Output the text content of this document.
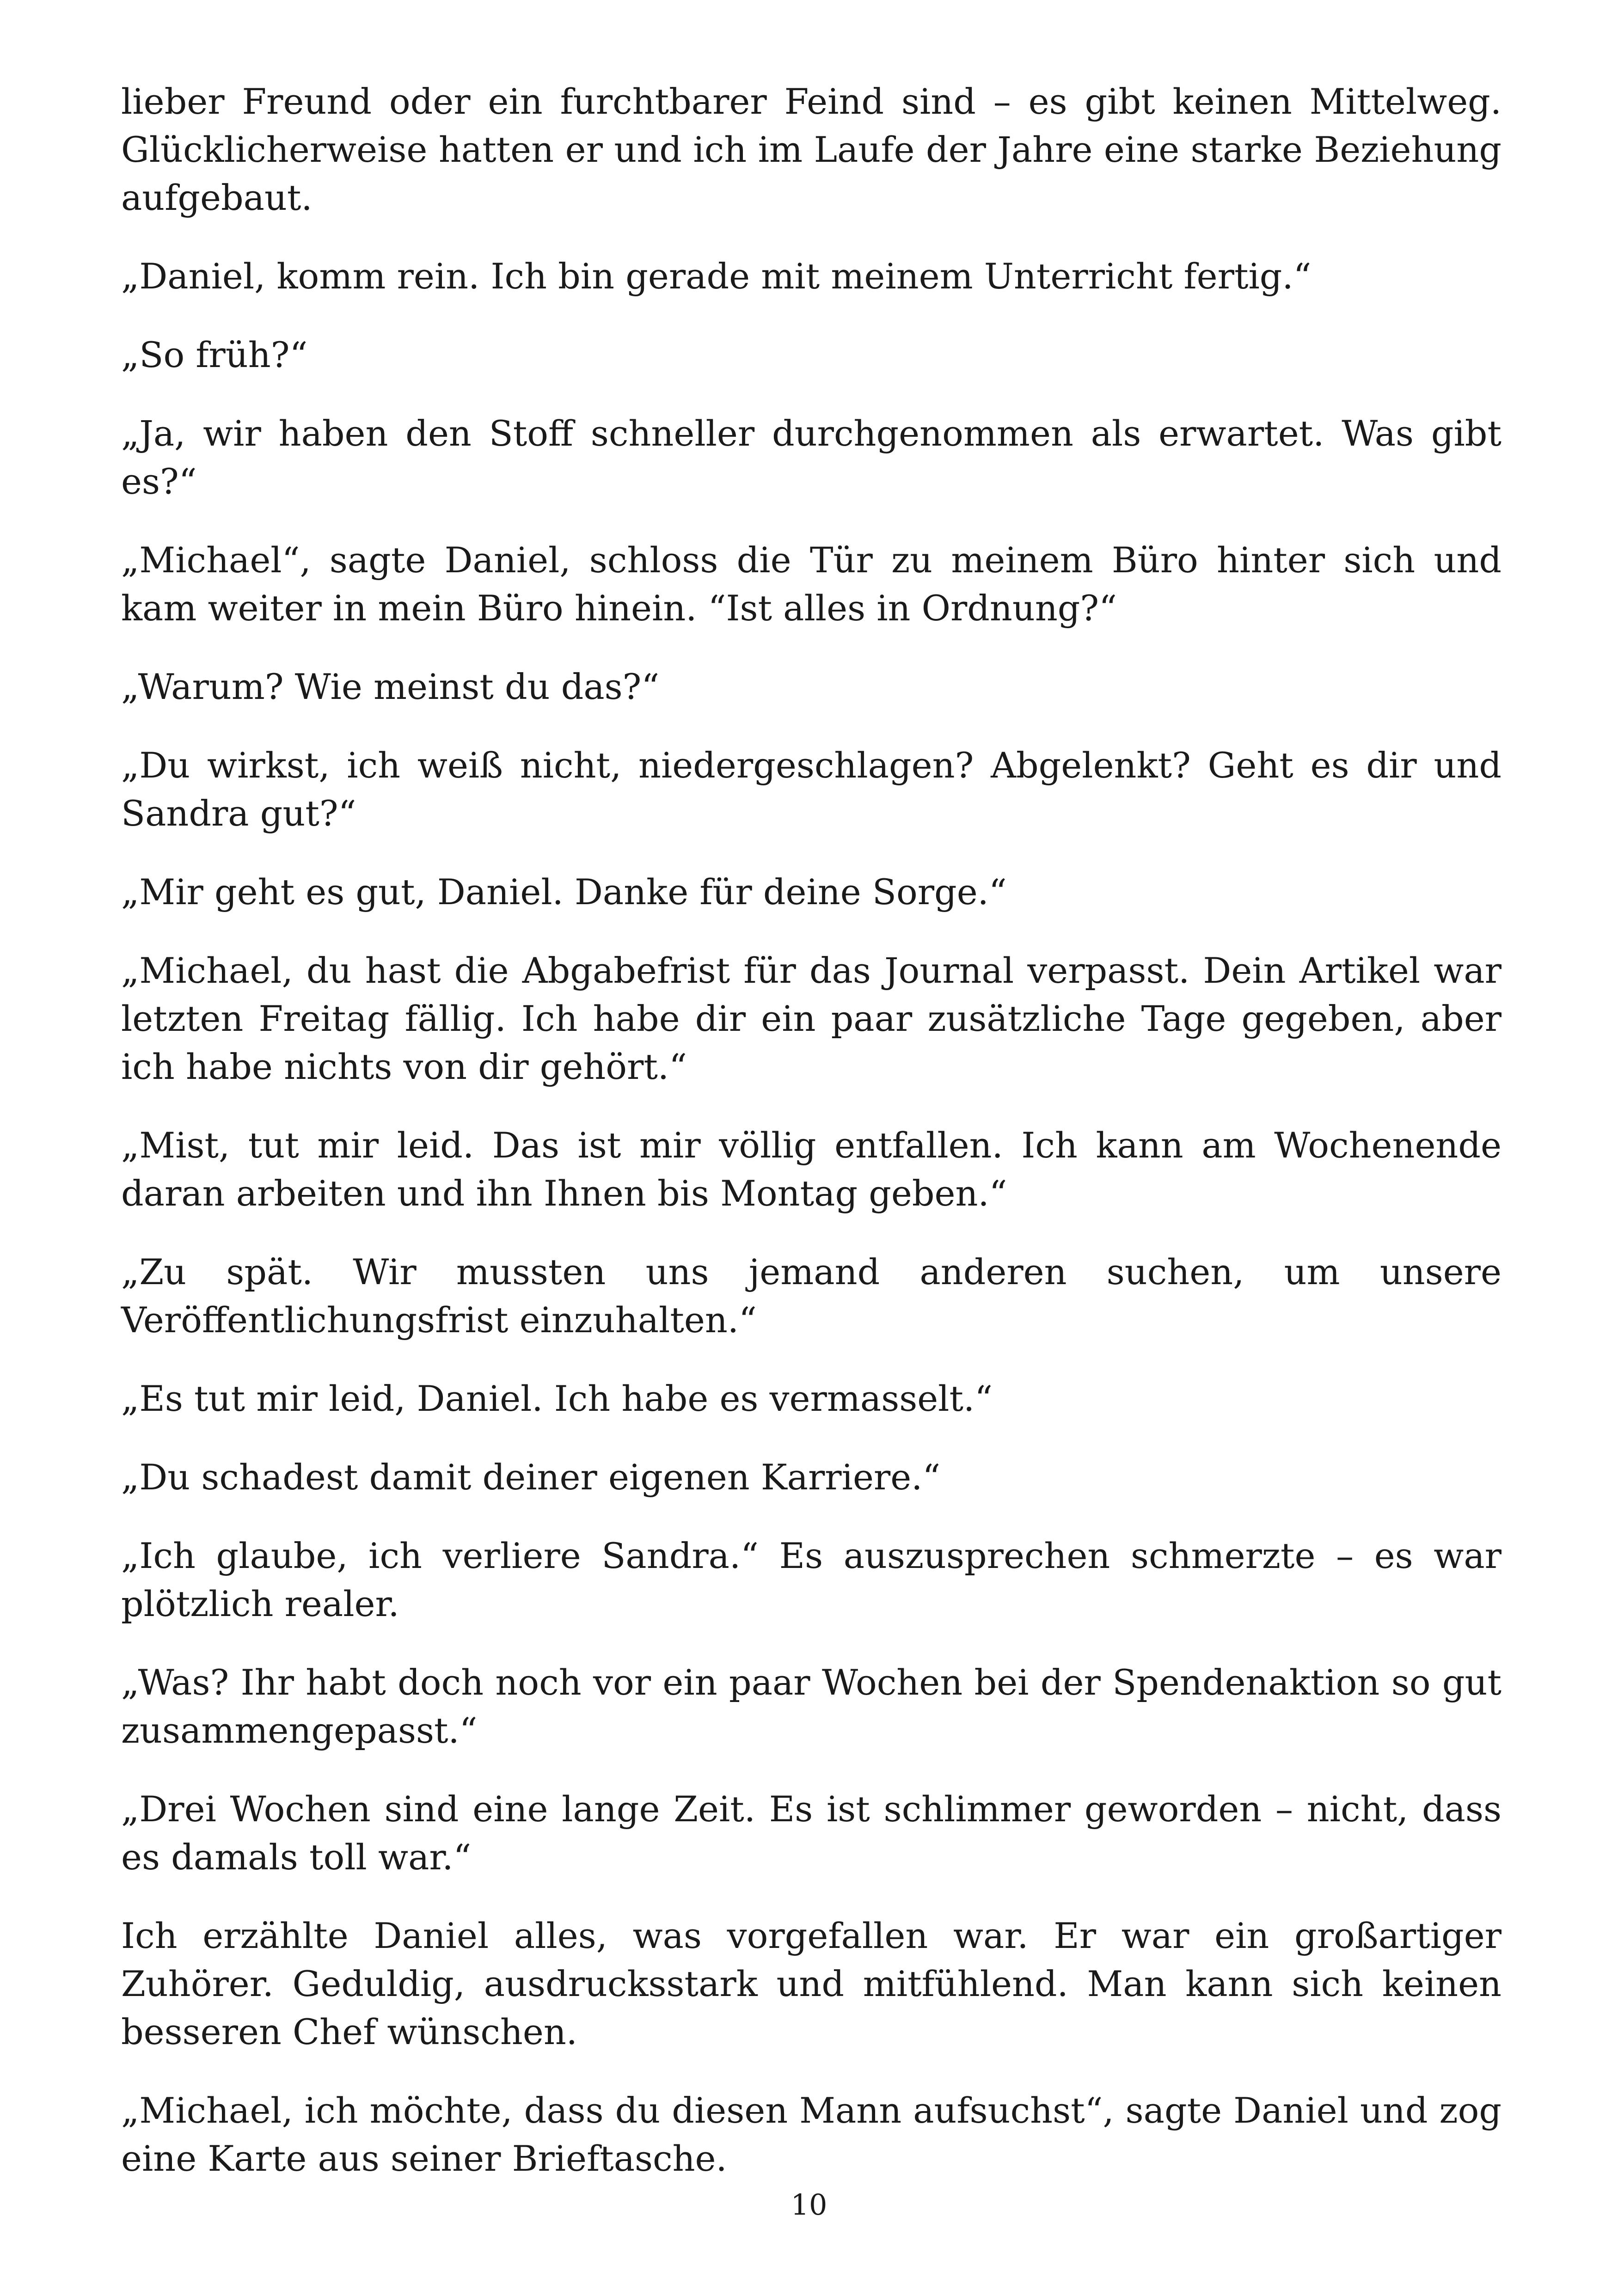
lieber Freund oder ein furchtbarer Feind sind – es gibt keinen Mittelweg. Glücklicherweise hatten er und ich im Laufe der Jahre eine starke Beziehung aufgebaut.

„Daniel, komm rein. Ich bin gerade mit meinem Unterricht fertig.“

„So früh?“

„Ja, wir haben den Stoff schneller durchgenommen als erwartet. Was gibt es?“

„Michael“, sagte Daniel, schloss die Tür zu meinem Büro hinter sich und kam weiter in mein Büro hinein. “Ist alles in Ordnung?“

„Warum? Wie meinst du das?“

„Du wirkst, ich weiß nicht, niedergeschlagen? Abgelenkt? Geht es dir und Sandra gut?“

„Mir geht es gut, Daniel. Danke für deine Sorge.“

„Michael, du hast die Abgabefrist für das Journal verpasst. Dein Artikel war letzten Freitag fällig. Ich habe dir ein paar zusätzliche Tage gegeben, aber ich habe nichts von dir gehört.“

„Mist, tut mir leid. Das ist mir völlig entfallen. Ich kann am Wochenende daran arbeiten und ihn Ihnen bis Montag geben.“

„Zu spät. Wir mussten uns jemand anderen suchen, um unsere Veröffentlichungsfrist einzuhalten.“

„Es tut mir leid, Daniel. Ich habe es vermasselt.“

„Du schadest damit deiner eigenen Karriere.“

„Ich glaube, ich verliere Sandra.“ Es auszusprechen schmerzte – es war plötzlich realer.

„Was? Ihr habt doch noch vor ein paar Wochen bei der Spendenaktion so gut zusammengepasst.“

„Drei Wochen sind eine lange Zeit. Es ist schlimmer geworden – nicht, dass es damals toll war.“

Ich erzählte Daniel alles, was vorgefallen war. Er war ein großartiger Zuhörer. Geduldig, ausdrucksstark und mitfühlend. Man kann sich keinen besseren Chef wünschen.

„Michael, ich möchte, dass du diesen Mann aufsuchst“, sagte Daniel und zog eine Karte aus seiner Brieftasche.

10
